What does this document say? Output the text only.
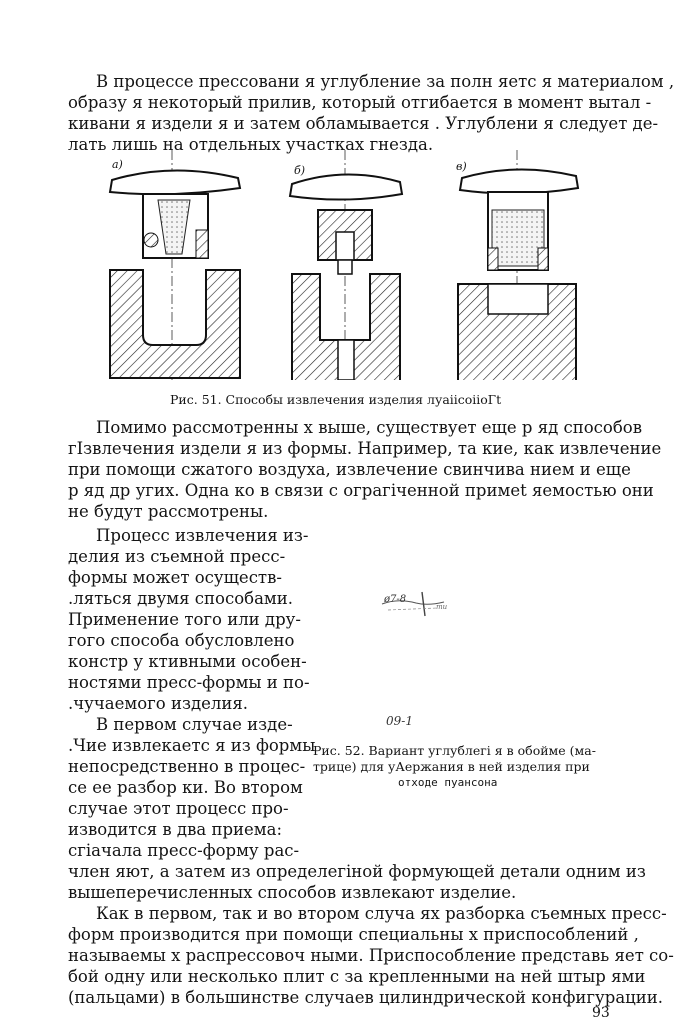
В процессе прессовани я углубление за полн яетс я материалом ,
образу я некоторый прилив, который отгибается в момент вытал -
кивани я издели я и затем обламывается . Углублени я следует де-
лать лишь на отдельных участках гнезда.
а)	б)	в)
Рис. 51. Способы извлечения изделия луаiicoiioГt
Помимо рассмотренны х выше, существует еще р яд способов
гIзвлечения издели я из формы. Например, та кие, как извлечение
при помощи сжатого воздуха, извлечение свинчива нием и еще
р яд др угих. Одна ко в связи с ограгiченной примеt яемостью они
не будут рассмотрены.
Процесс извлечения из-
делия из съемной пресс-
формы может осуществ-
.ляться двумя способами.
Применение того или дру-
гого способа обусловлено
констр у ктивными особен-
ностями пресс-формы и по-
.чучаемого изделия.
В первом случае изде-
.Чие извлекаетс я из формы
непосредственно в процес-
се ее разбор ки. Во втором
случае этот процесс про-
изводится в два приема:
сгiачала пресс-форму рас-
ø7-8
ти
09-1
Рис. 52. Вариант углублегi я в обоймe (ма-
трице) для уАержания в ней изделия при
отходе пуансона
член яют, а затем из определегiной формующей детали одним из
вышеперечисленных способов извлекают изделие.
Как в первом, так и во втором случа ях разборка съемных пресс-
форм производится при помощи специальны х приспособлений ,
называемы х распрессовоч ными. Приспособление представь яет со-
бой одну или несколько плит с за крепленными на ней штыр ями
(пальцами) в большинстве случаев цилиндрической конфигурации.
93
